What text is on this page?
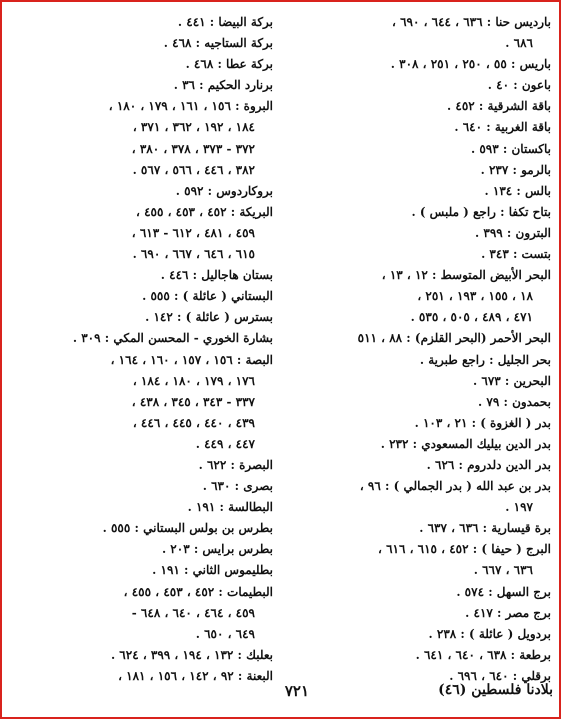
بارديس حنا : ٦٣٦ ، ٦٤٤ ، ٦٩٠ ،
٦٨٦ .
باريس : ٥٥ ، ٢٥٠ ، ٢٥١ ، ٣٠٨ .
باعون : ٤٠ .
باقة الشرقية : ٤٥٢ .
باقة الغربية : ٦٤٠ .
باكستان : ٥٩٣ .
بالرمو : ٢٣٧ .
بالس : ١٣٤ .
بتاح تكفا : راجع ( ملبس ) .
البترون : ٣٩٩ .
بتست : ٣٤٣ .
البحر الأبيض المتوسط : ١٢ ، ١٣ ،
١٨ ، ١٥٥ ، ١٩٣ ، ٢٥١ ،
٤٧١ ، ٤٨٩ ، ٥٠٥ ، ٥٣٥ .
البحر الأحمر (البحر القلزم) : ٨٨ ، ٥١١
بحر الجليل : راجع طبرية .
البحرين : ٦٧٣ .
بحمدون : ٧٩ .
بدر ( الغزوة ) : ٢١ ، ١٠٣ .
بدر الدين بيليك المسعودي : ٢٣٢ .
بدر الدين دلدروم : ٦٢٦ .
بدر بن عبد الله ( بدر الجمالي ) : ٩٦ ،
١٩٧ .
برة قيسارية : ٦٣٦ ، ٦٣٧ .
البرج ( حيفا ) : ٤٥٢ ، ٦١٥ ، ٦١٦ ،
٦٣٦ ، ٦٦٧ .
برج السهل : ٥٧٤ .
برج مصر : ٤١٧ .
بردويل ( عائلة ) : ٢٣٨ .
برطعة : ٦٣٨ ، ٦٤٠ ، ٦٤١ .
برقلي : ٦٤٠ ، ٦٩٦ .
بركة البيضا : ٤٤١ .
بركة الستاجيه : ٤٦٨ .
بركة عطا : ٤٦٨ .
برنارد الحكيم : ٣٦ .
البروة : ١٥٦ ، ١٦١ ، ١٧٩ ، ١٨٠ ،
١٨٤ ، ١٩٢ ، ٣٦٢ ، ٣٧١ ،
٣٧٢ - ٣٧٣ ، ٣٧٨ ، ٣٨٠ ،
٣٨٢ ، ٤٤٦ ، ٥٦٦ ، ٥٦٧ .
بروكاردوس : ٥٩٢ .
البريكة : ٤٥٢ ، ٤٥٣ ، ٤٥٥ ،
٤٥٩ ، ٤٨١ ، ٦١٢ - ٦١٣ ،
٦١٥ ، ٦٤٦ ، ٦٦٧ ، ٦٩٠ .
بستان هاجاليل : ٤٤٦ .
البستاني ( عائلة ) : ٥٥٥ .
بسترس ( عائلة ) : ١٤٢ .
بشارة الخوري - المحسن المكي : ٣٠٩ .
البصة : ١٥٦ ، ١٥٧ ، ١٦٠ ، ١٦٤ ،
١٧٦ ، ١٧٩ ، ١٨٠ ، ١٨٤ ،
٣٣٧ - ٣٤٣ ، ٣٤٥ ، ٤٣٨ ،
٤٣٩ ، ٤٤٠ ، ٤٤٥ ، ٤٤٦ ،
٤٤٧ ، ٤٤٩ .
البصرة : ٦٢٢ .
بصرى : ٦٣٠ .
البطالسة : ١٩١ .
بطرس بن بولس البستاني : ٥٥٥ .
بطرس برايس : ٢٠٣ .
بطليموس الثاني : ١٩١ .
البطيمات : ٤٥٢ ، ٤٥٣ ، ٤٥٥ ،
٤٥٩ ، ٤٦٤ ، ٦٤٠ ، ٦٤٨ -
٦٤٩ ، ٦٥٠ .
بعلبك : ١٣٢ ، ١٩٤ ، ٣٩٩ ، ٦٢٤ .
البعنة : ٩٢ ، ١٤٢ ، ١٥٦ ، ١٨١ ،
بلادنا فلسطين (٤٦)
٧٢١
